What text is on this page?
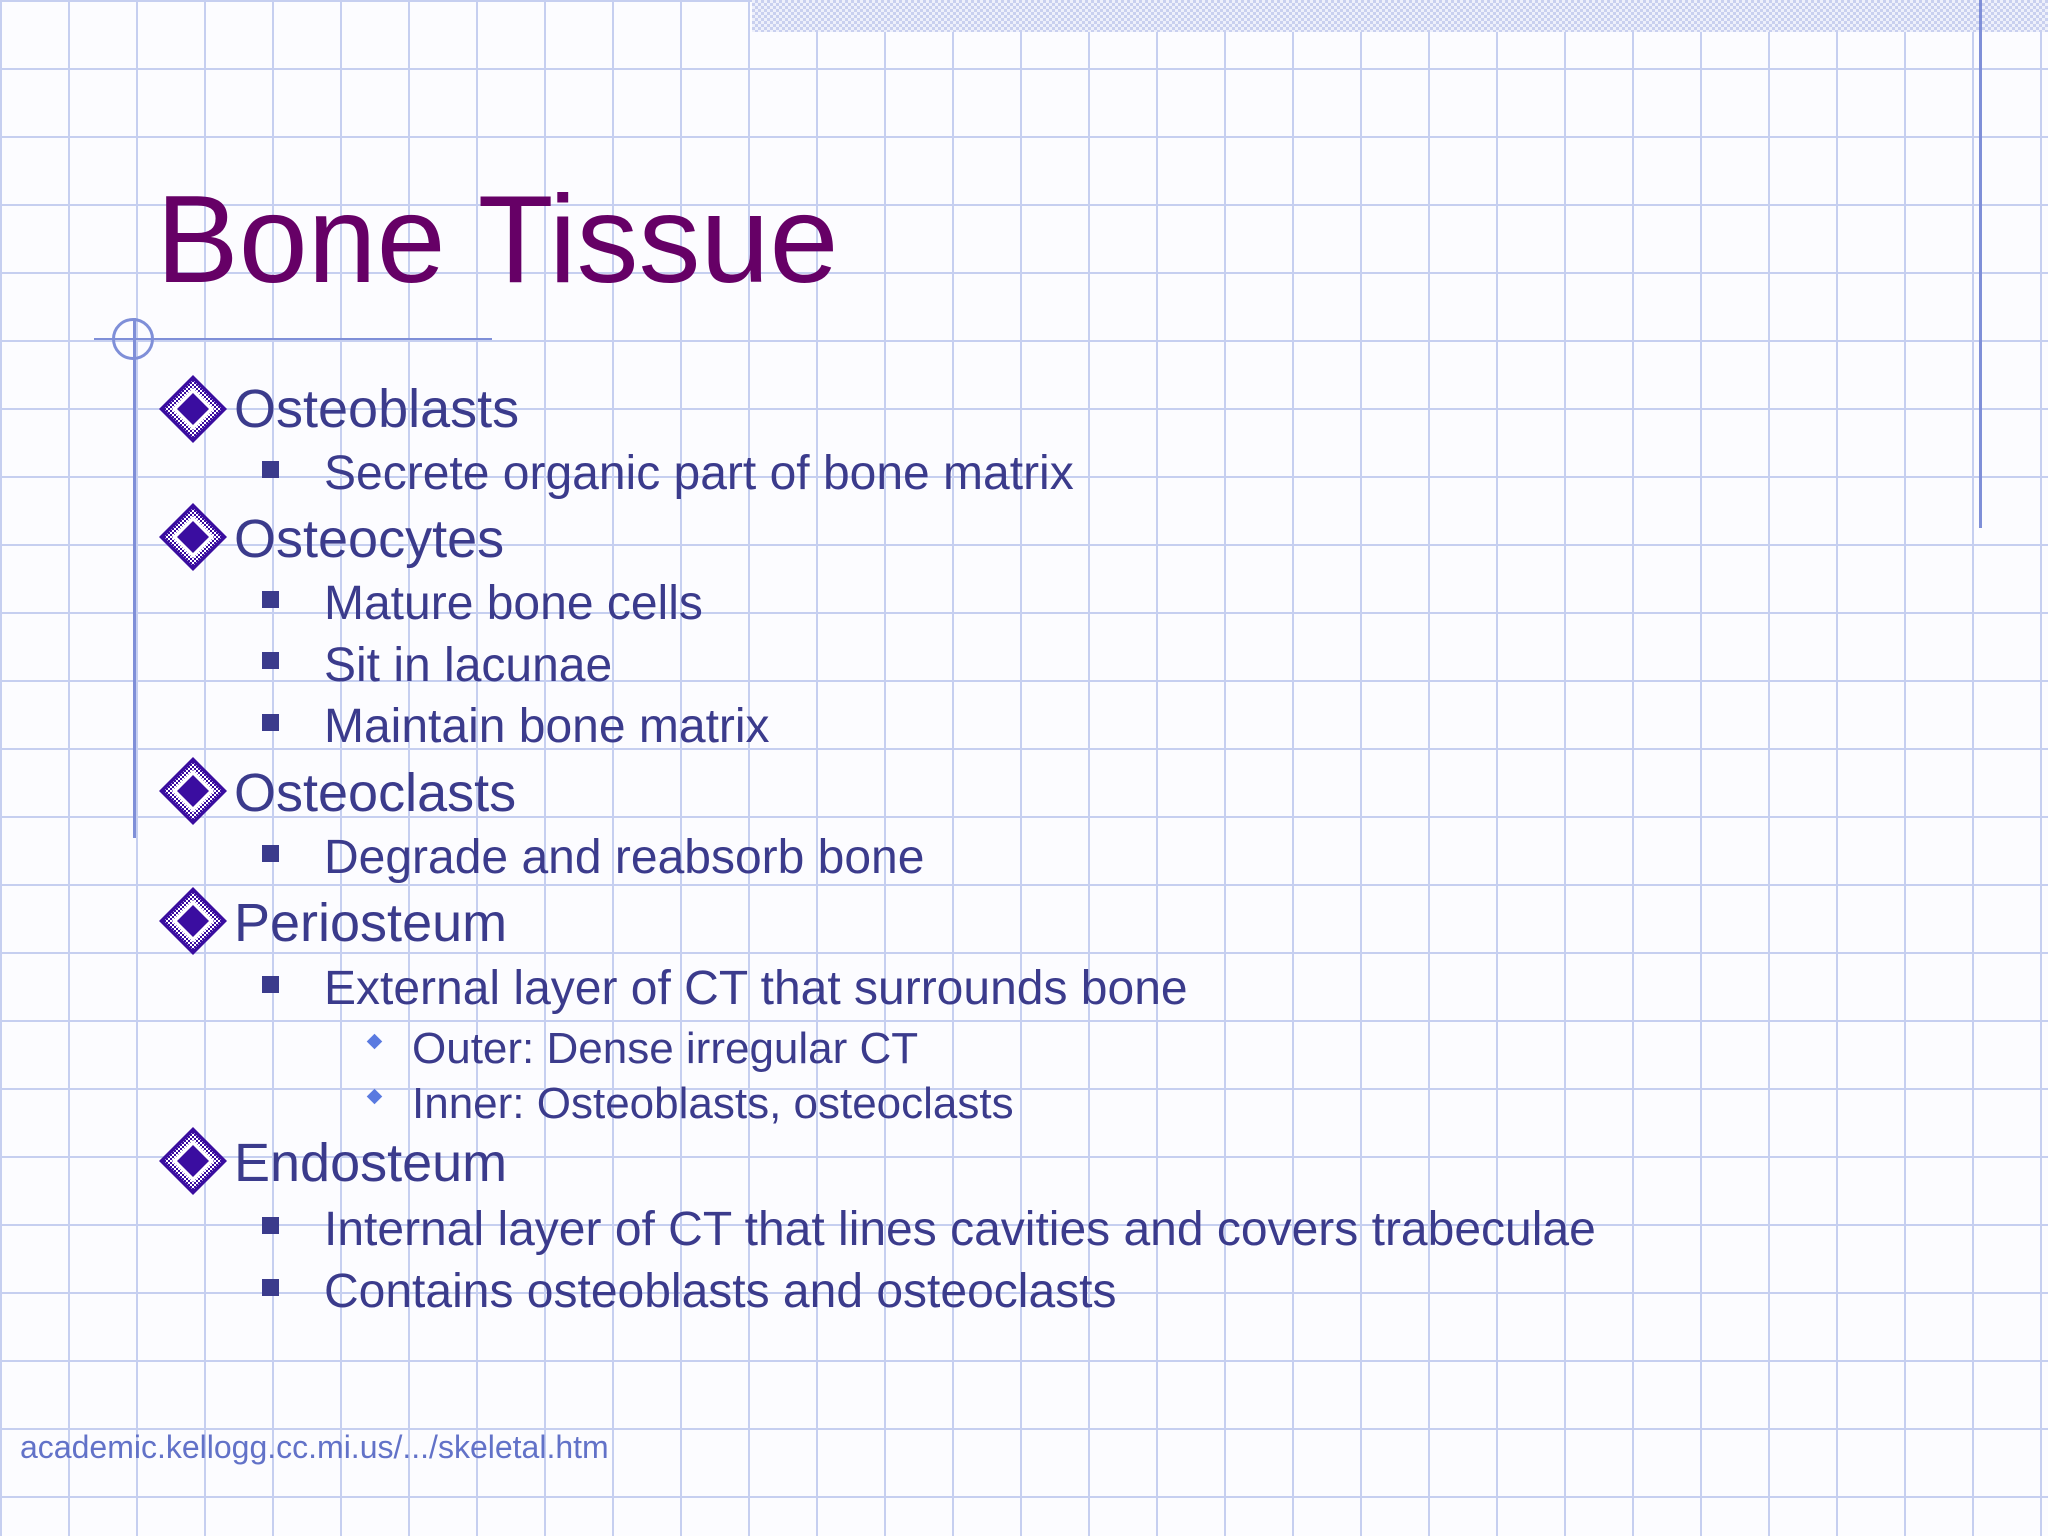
Bone Tissue
Osteoblasts
Secrete organic part of bone matrix
Osteocytes
Mature bone cells
Sit in lacunae
Maintain bone matrix
Osteoclasts
Degrade and reabsorb bone
Periosteum
External layer of CT that surrounds bone
Outer: Dense irregular CT
Inner: Osteoblasts, osteoclasts
Endosteum
Internal layer of CT that lines cavities and covers trabeculae
Contains osteoblasts and osteoclasts
academic.kellogg.cc.mi.us/.../skeletal.htm
